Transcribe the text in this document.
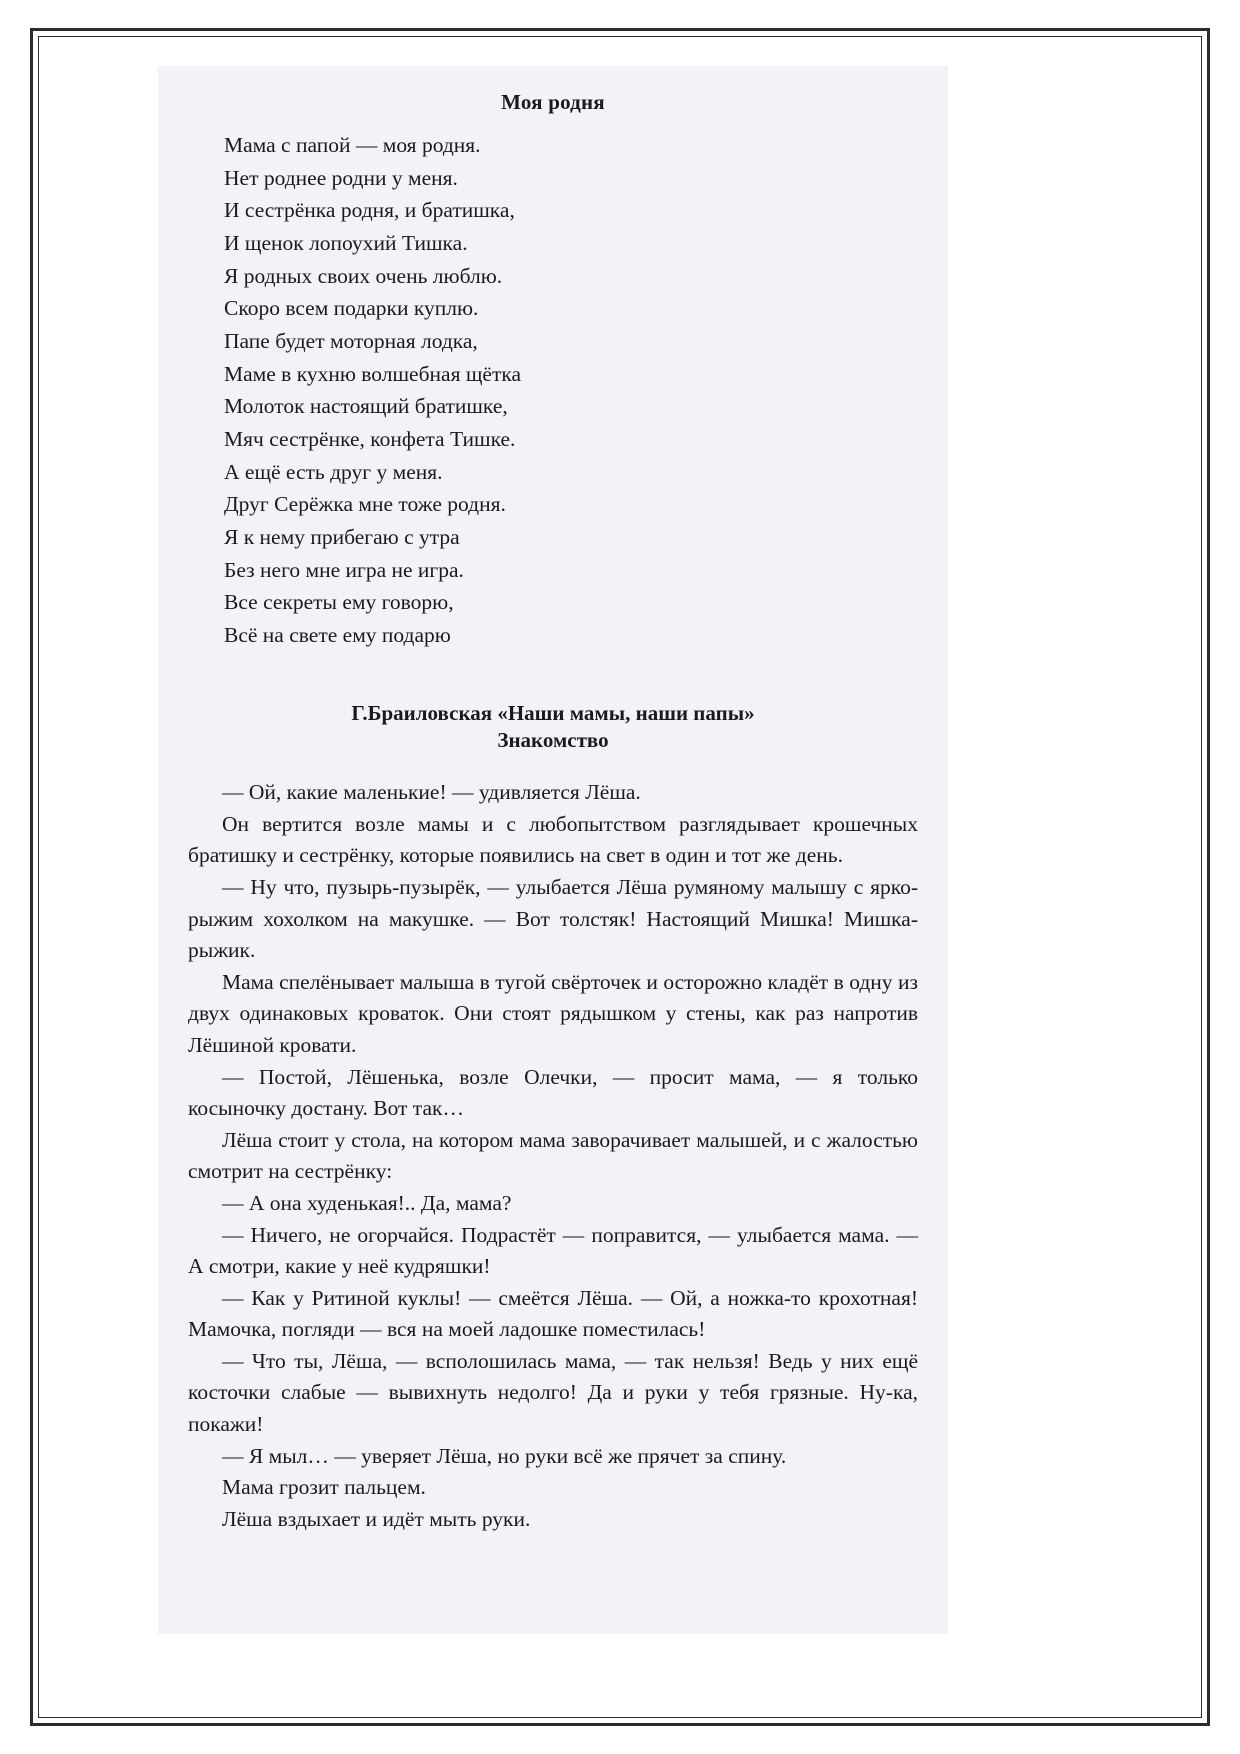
Моя родня
Мама с папой — моя родня.
Нет роднее родни у меня.
И сестрёнка родня, и братишка,
И щенок лопоухий Тишка.
Я родных своих очень люблю.
Скоро всем подарки куплю.
Папе будет моторная лодка,
Маме в кухню волшебная щётка
Молоток настоящий братишке,
Мяч сестрёнке, конфета Тишке.
А ещё есть друг у меня.
Друг Серёжка мне тоже родня.
Я к нему прибегаю с утра
Без него мне игра не игра.
Все секреты ему говорю,
Всё на свете ему подарю
Г.Браиловская «Наши мамы, наши папы»
Знакомство

— Ой, какие маленькие! — удивляется Лёша.

Он вертится возле мамы и с любопытством разглядывает крошечных братишку и сестрёнку, которые появились на свет в один и тот же день.

— Ну что, пузырь-пузырёк, — улыбается Лёша румяному малышу с ярко-рыжим хохолком на макушке. — Вот толстяк! Настоящий Мишка! Мишка-рыжик.

Мама спелёнывает малыша в тугой свёрточек и осторожно кладёт в одну из двух одинаковых кроваток. Они стоят рядышком у стены, как раз напротив Лёшиной кровати.

— Постой, Лёшенька, возле Олечки, — просит мама, — я только косыночку достану. Вот так…

Лёша стоит у стола, на котором мама заворачивает малышей, и с жалостью смотрит на сестрёнку:

— А она худенькая!.. Да, мама?

— Ничего, не огорчайся. Подрастёт — поправится, — улыбается мама. — А смотри, какие у неё кудряшки!

— Как у Ритиной куклы! — смеётся Лёша. — Ой, а ножка-то крохотная! Мамочка, погляди — вся на моей ладошке поместилась!

— Что ты, Лёша, — всполошилась мама, — так нельзя! Ведь у них ещё косточки слабые — вывихнуть недолго! Да и руки у тебя грязные. Ну-ка, покажи!

— Я мыл… — уверяет Лёша, но руки всё же прячет за спину.

Мама грозит пальцем.

Лёша вздыхает и идёт мыть руки.
